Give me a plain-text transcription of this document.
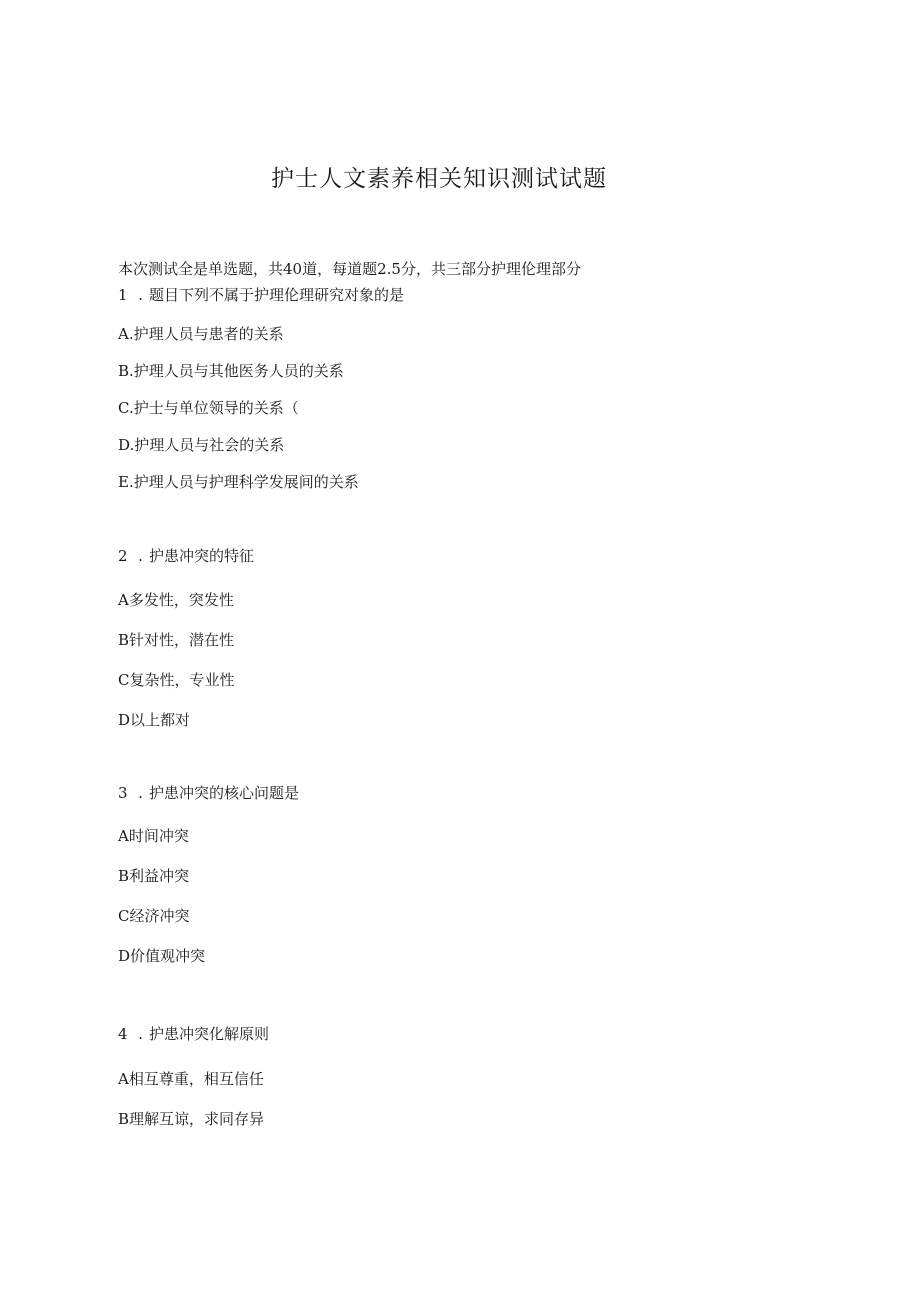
护士人文素养相关知识测试试题
本次测试全是单选题，共40道，每道题2.5分，共三部分护理伦理部分
1 . 题目下列不属于护理伦理研究对象的是
A.护理人员与患者的关系
B.护理人员与其他医务人员的关系
C.护士与单位领导的关系（
D.护理人员与社会的关系
E.护理人员与护理科学发展间的关系
2 . 护患冲突的特征
A多发性，突发性
B针对性，潜在性
C复杂性，专业性
D以上都对
3 . 护患冲突的核心问题是
A时间冲突
B利益冲突
C经济冲突
D价值观冲突
4 . 护患冲突化解原则
A相互尊重，相互信任
B理解互谅，求同存异
